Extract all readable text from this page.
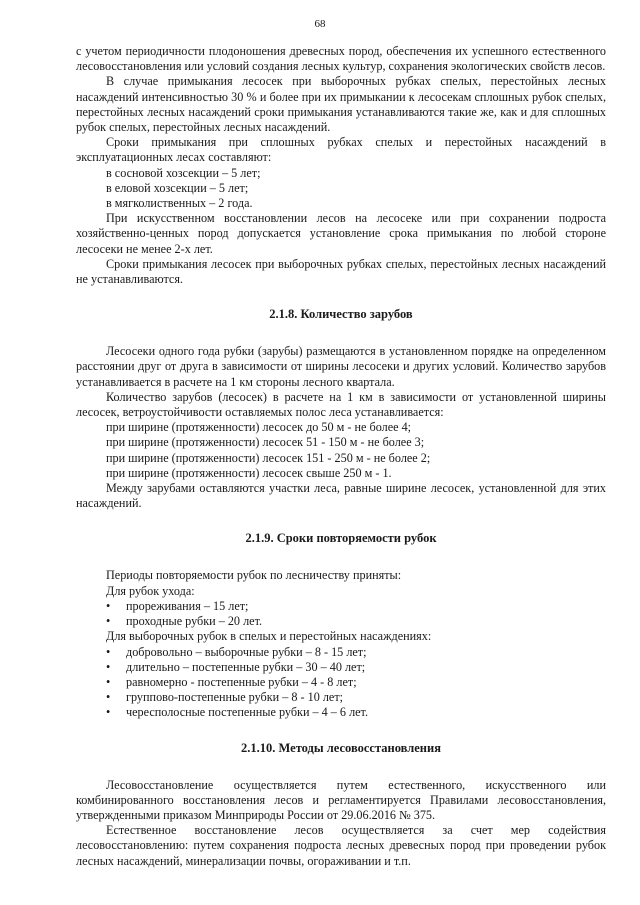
68

с учетом периодичности плодоношения древесных пород, обеспечения их успешного естественного лесовосстановления или условий создания лесных культур, сохранения экологических свойств лесов.

В случае примыкания лесосек при выборочных рубках спелых, перестойных лесных насаждений интенсивностью 30 % и более при их примыкании к лесосекам сплошных рубок спелых, перестойных лесных насаждений сроки примыкания устанавливаются такие же, как и для сплошных рубок спелых, перестойных лесных насаждений.

Сроки примыкания при сплошных рубках спелых и перестойных насаждений в эксплуатационных лесах составляют:

в сосновой хозсекции – 5 лет;

в еловой хозсекции – 5 лет;

в мягколиственных – 2 года.

При искусственном восстановлении лесов на лесосеке или при сохранении подроста хозяйственно-ценных пород допускается установление срока примыкания по любой стороне лесосеки не менее 2-х лет.

Сроки примыкания лесосек при выборочных рубках спелых, перестойных лесных насаждений не устанавливаются.

2.1.8. Количество зарубов

Лесосеки одного года рубки (зарубы) размещаются в установленном порядке на определенном расстоянии друг от друга в зависимости от ширины лесосеки и других условий. Количество зарубов устанавливается в расчете на 1 км стороны лесного квартала.

Количество зарубов (лесосек) в расчете на 1 км в зависимости от установленной ширины лесосек, ветроустойчивости оставляемых полос леса устанавливается:

при ширине (протяженности) лесосек до 50 м - не более 4;

при ширине (протяженности) лесосек 51 - 150 м - не более 3;

при ширине (протяженности) лесосек 151 - 250 м - не более 2;

при ширине (протяженности) лесосек свыше 250 м - 1.

Между зарубами оставляются участки леса, равные ширине лесосек, установленной для этих насаждений.

2.1.9. Сроки повторяемости рубок

Периоды повторяемости рубок по лесничеству приняты:

Для рубок ухода:

• прореживания – 15 лет;
• проходные рубки – 20 лет.

Для выборочных рубок в спелых и перестойных насаждениях:

• добровольно – выборочные рубки – 8 - 15 лет;
• длительно – постепенные рубки – 30 – 40 лет;
• равномерно - постепенные рубки – 4 - 8 лет;
• группово-постепенные рубки – 8 - 10 лет;
• чересполосные постепенные рубки – 4 – 6 лет.
2.1.10. Методы лесовосстановления

Лесовосстановление осуществляется путем естественного, искусственного или комбинированного восстановления лесов и регламентируется Правилами лесовосстановления, утвержденными приказом Минприроды России от 29.06.2016 № 375.

Естественное восстановление лесов осуществляется за счет мер содействия лесовосстановлению: путем сохранения подроста лесных древесных пород при проведении рубок лесных насаждений, минерализации почвы, огораживании и т.п.
